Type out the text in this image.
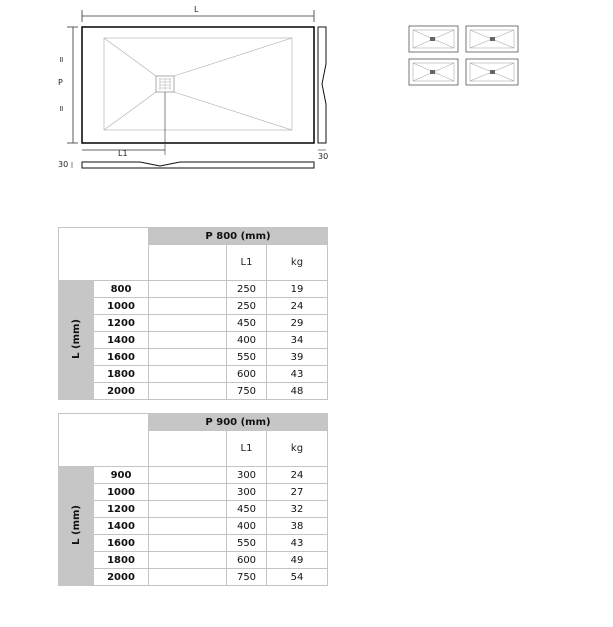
L
P
=
=
L1
30
30
		P 800 (mm)		
			L1	kg
L (mm)	800		250	19
	1000		250	24
	1200		450	29
	1400		400	34
	1600		550	39
	1800		600	43
	2000		750	48
		P 900 (mm)		
			L1	kg
L (mm)	900		300	24
	1000		300	27
	1200		450	32
	1400		400	38
	1600		550	43
	1800		600	49
	2000		750	54
